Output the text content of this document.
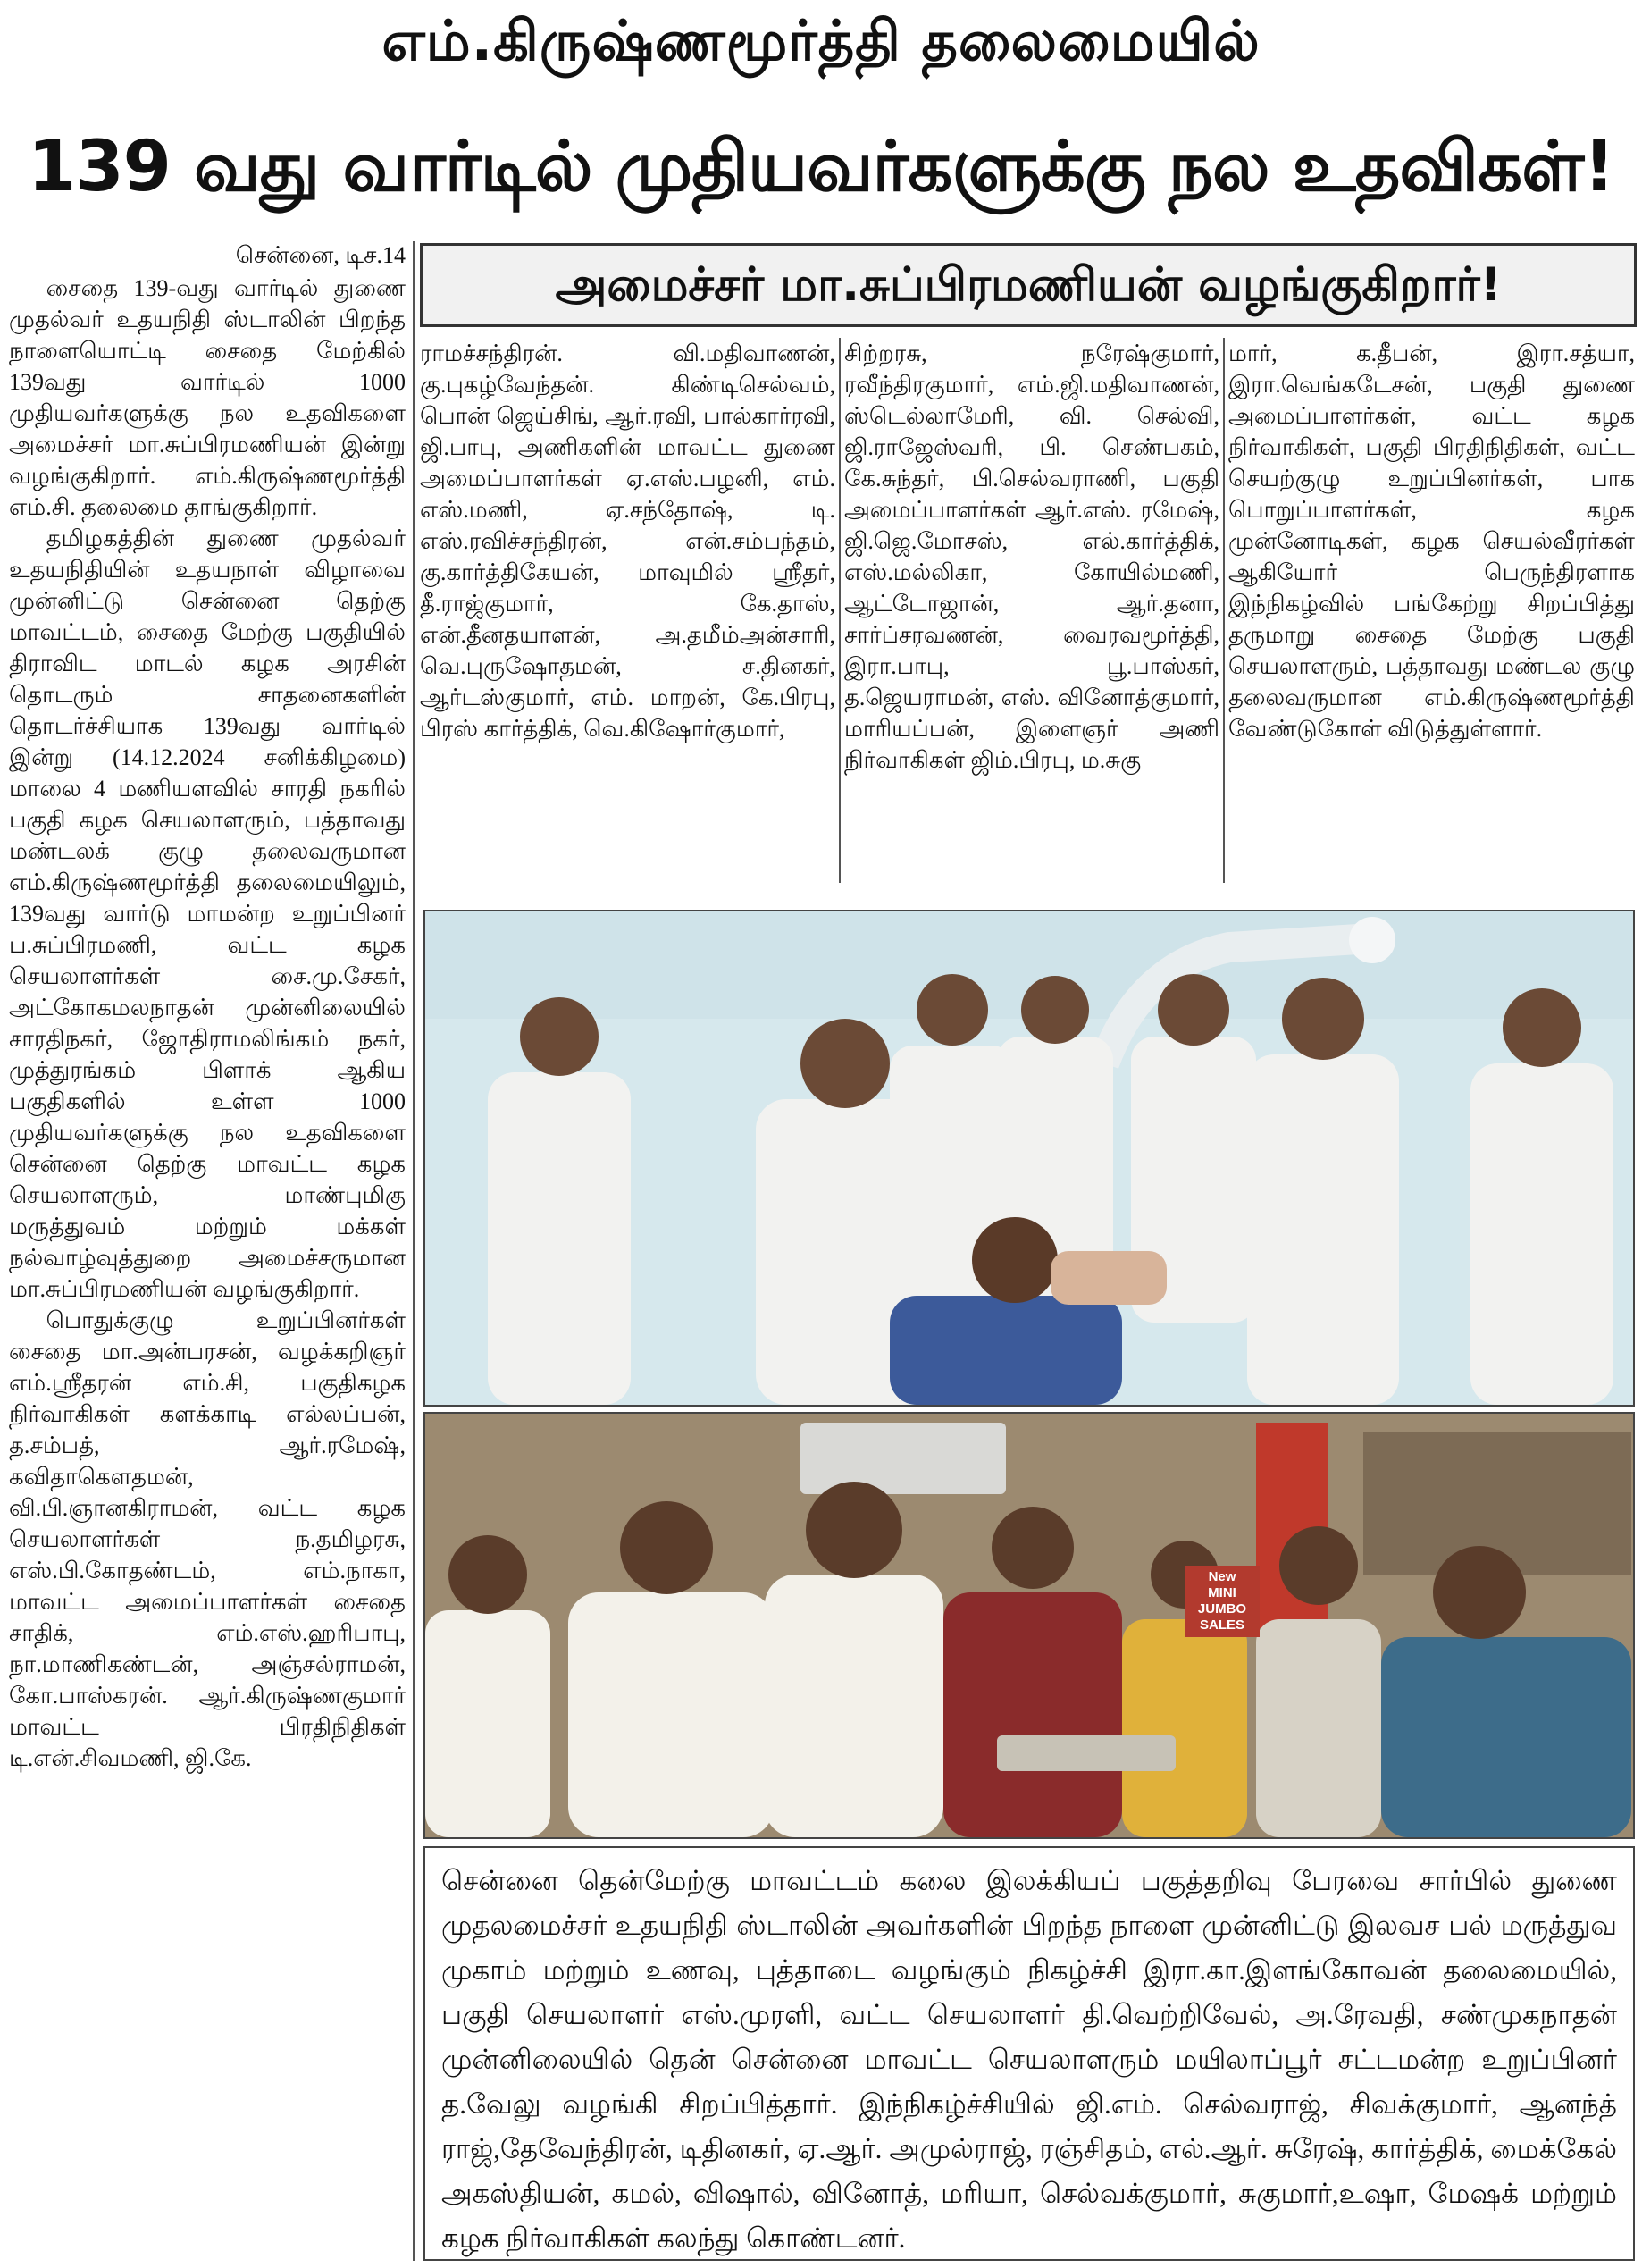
எம்.கிருஷ்ணமூர்த்தி தலைமையில்
139 வது வார்டில் முதியவர்களுக்கு நல உதவிகள்!
அமைச்சர் மா.சுப்பிரமணியன் வழங்குகிறார்!
சென்னை, டிச.14

சைதை 139-வது வார்டில் துணை முதல்வர் உதயநிதி ஸ்டாலின் பிறந்த நாளையொட்டி சைதை மேற்கில் 139வது வார்டில் 1000 முதியவர்களுக்கு நல உதவிகளை அமைச்சர் மா.சுப்பிரமணியன் இன்று வழங்குகிறார். எம்.கிருஷ்ணமூர்த்தி எம்.சி. தலைமை தாங்குகிறார்.

தமிழகத்தின் துணை முதல்வர் உதயநிதியின் உதயநாள் விழாவை முன்னிட்டு சென்னை தெற்கு மாவட்டம், சைதை மேற்கு பகுதியில் திராவிட மாடல் கழக அரசின் தொடரும் சாதனைகளின் தொடர்ச்சியாக 139வது வார்டில் இன்று (14.12.2024 சனிக்கிழமை) மாலை 4 மணியளவில் சாரதி நகரில் பகுதி கழக செயலாளரும், பத்தாவது மண்டலக் குழு தலைவருமான எம்.கிருஷ்ணமூர்த்தி தலைமையிலும், 139வது வார்டு மாமன்ற உறுப்பினர் ப.சுப்பிரமணி, வட்ட கழக செயலாளர்கள் சை.மு.சேகர், அட்கோகமலநாதன் முன்னிலையில் சாரதிநகர், ஜோதிராமலிங்கம் நகர், முத்துரங்கம் பிளாக் ஆகிய பகுதிகளில் உள்ள 1000 முதியவர்களுக்கு நல உதவிகளை சென்னை தெற்கு மாவட்ட கழக செயலாளரும், மாண்புமிகு மருத்துவம் மற்றும் மக்கள் நல்வாழ்வுத்துறை அமைச்சருமான மா.சுப்பிரமணியன் வழங்குகிறார்.

பொதுக்குழு உறுப்பினர்கள் சைதை மா.அன்பரசன், வழக்கறிஞர் எம்.ஸ்ரீதரன் எம்.சி, பகுதிகழக நிர்வாகிகள் களக்காடி எல்லப்பன், த.சம்பத், ஆர்.ரமேஷ், கவிதாகௌதமன், வி.பி.ஞானகிராமன், வட்ட கழக செயலாளர்கள் ந.தமிழரசு, எஸ்.பி.கோதண்டம், எம்.நாகா, மாவட்ட அமைப்பாளர்கள் சைதை சாதிக், எம்.எஸ்.ஹரிபாபு, நா.மாணிகண்டன், அஞ்சல்ராமன், கோ.பாஸ்கரன். ஆர்.கிருஷ்ணகுமார் மாவட்ட பிரதிநிதிகள் டி.என்.சிவமணி, ஜி.கே.

ராமச்சந்திரன். வி.மதிவாணன், கு.புகழ்வேந்தன். கிண்டிசெல்வம், பொன் ஜெய்சிங், ஆர்.ரவி, பால்கார்ரவி, ஜி.பாபு, அணிகளின் மாவட்ட துணை அமைப்பாளர்கள் ஏ.எஸ்.பழனி, எம். எஸ்.மணி, ஏ.சந்தோஷ், டி. எஸ்.ரவிச்சந்திரன், என்.சம்பந்தம், கு.கார்த்திகேயன், மாவுமில் ஸ்ரீதர், தீ.ராஜ்குமார், கே.தாஸ், என்.தீனதயாளன், அ.தமீம்அன்சாரி, வெ.புருஷோதமன், ச.தினகர், ஆர்டஸ்குமார், எம். மாறன், கே.பிரபு, பிரஸ் கார்த்திக், வெ.கிஷோர்குமார்,
சிற்றரசு, நரேஷ்குமார், ரவீந்திரகுமார், எம்.ஜி.மதிவாணன், ஸ்டெல்லாமேரி, வி. செல்வி, ஜி.ராஜேஸ்வரி, பி. செண்பகம், கே.சுந்தர், பி.செல்வராணி, பகுதி அமைப்பாளர்கள் ஆர்.எஸ். ரமேஷ், ஜி.ஜெ.மோசஸ், எல்.கார்த்திக், எஸ்.மல்லிகா, கோயில்மணி, ஆட்டோஜான், ஆர்.தனா, சார்ப்சரவணன், வைரவமூர்த்தி, இரா.பாபு, பூ.பாஸ்கர், த.ஜெயராமன், எஸ். வினோத்குமார், மாரியப்பன், இளைஞர் அணி நிர்வாகிகள் ஜிம்.பிரபு, ம.சுகு
மார், க.தீபன், இரா.சத்யா, இரா.வெங்கடேசன், பகுதி துணை அமைப்பாளர்கள், வட்ட கழக நிர்வாகிகள், பகுதி பிரதிநிதிகள், வட்ட செயற்குழு உறுப்பினர்கள், பாக பொறுப்பாளர்கள், கழக முன்னோடிகள், கழக செயல்வீரர்கள் ஆகியோர் பெருந்திரளாக இந்நிகழ்வில் பங்கேற்று சிறப்பித்து தருமாறு சைதை மேற்கு பகுதி செயலாளரும், பத்தாவது மண்டல குழு தலைவருமான எம்.கிருஷ்ணமூர்த்தி வேண்டுகோள் விடுத்துள்ளார்.
New
MINI JUMBO
SALES
சென்னை தென்மேற்கு மாவட்டம் கலை இலக்கியப் பகுத்தறிவு பேரவை சார்பில் துணை முதலமைச்சர் உதயநிதி ஸ்டாலின் அவர்களின் பிறந்த நாளை முன்னிட்டு இலவச பல் மருத்துவ முகாம் மற்றும் உணவு, புத்தாடை வழங்கும் நிகழ்ச்சி இரா.கா.இளங்கோவன் தலைமையில், பகுதி செயலாளர் எஸ்.முரளி, வட்ட செயலாளர் தி.வெற்றிவேல், அ.ரேவதி, சண்முகநாதன் முன்னிலையில் தென் சென்னை மாவட்ட செயலாளரும் மயிலாப்பூர் சட்டமன்ற உறுப்பினர் த.வேலு வழங்கி சிறப்பித்தார். இந்நிகழ்ச்சியில் ஜி.எம். செல்வராஜ், சிவக்குமார், ஆனந்த் ராஜ்,தேவேந்திரன், டிதினகர், ஏ.ஆர். அமுல்ராஜ், ரஞ்சிதம், எல்.ஆர். சுரேஷ், கார்த்திக், மைக்கேல் அகஸ்தியன், கமல், விஷால், வினோத், மரியா, செல்வக்குமார், சுகுமார்,உஷா, மேஷக் மற்றும் கழக நிர்வாகிகள் கலந்து கொண்டனர்.
